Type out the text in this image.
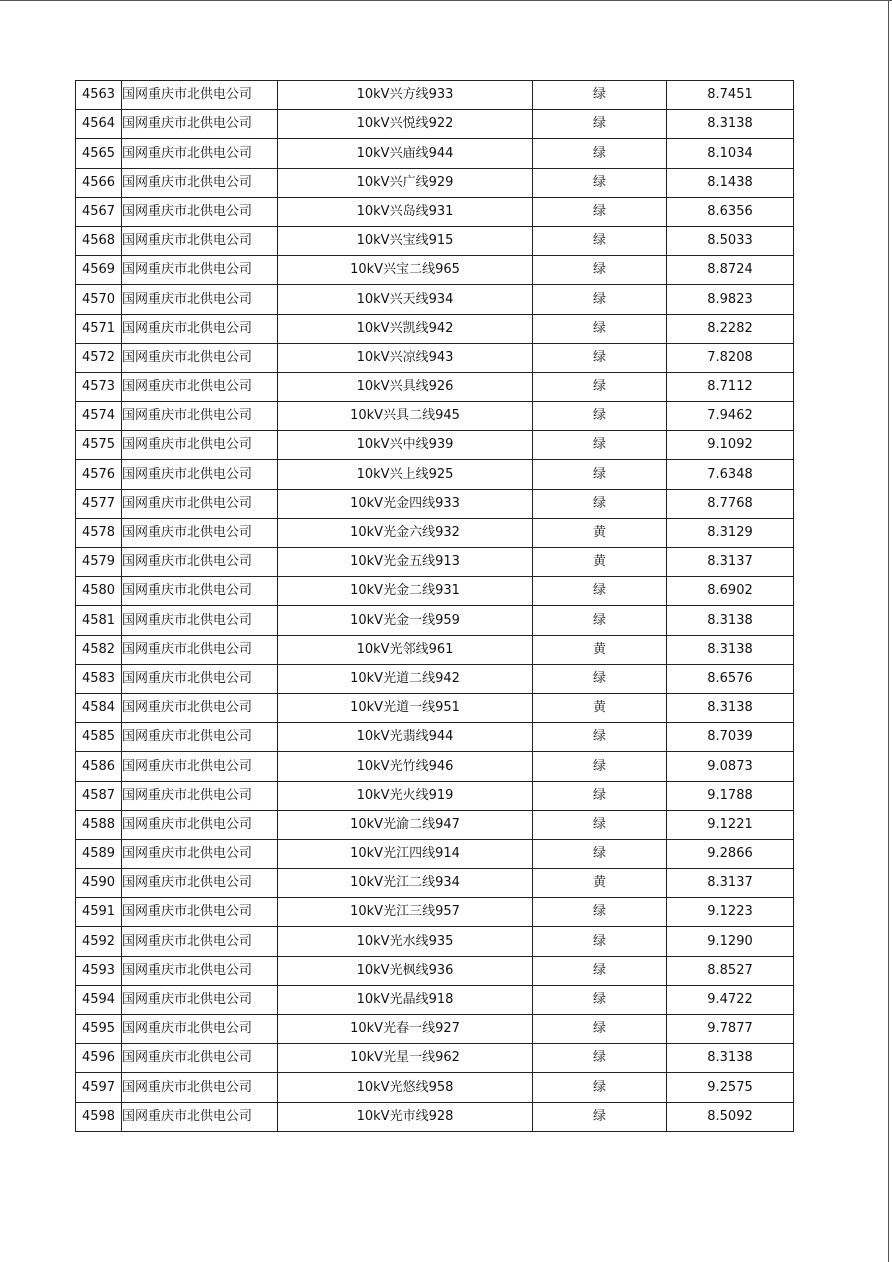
4563	国网重庆市北供电公司	10kV兴方线933	绿	8.7451
4564	国网重庆市北供电公司	10kV兴悦线922	绿	8.3138
4565	国网重庆市北供电公司	10kV兴庙线944	绿	8.1034
4566	国网重庆市北供电公司	10kV兴广线929	绿	8.1438
4567	国网重庆市北供电公司	10kV兴岛线931	绿	8.6356
4568	国网重庆市北供电公司	10kV兴宝线915	绿	8.5033
4569	国网重庆市北供电公司	10kV兴宝二线965	绿	8.8724
4570	国网重庆市北供电公司	10kV兴天线934	绿	8.9823
4571	国网重庆市北供电公司	10kV兴凯线942	绿	8.2282
4572	国网重庆市北供电公司	10kV兴凉线943	绿	7.8208
4573	国网重庆市北供电公司	10kV兴具线926	绿	8.7112
4574	国网重庆市北供电公司	10kV兴具二线945	绿	7.9462
4575	国网重庆市北供电公司	10kV兴中线939	绿	9.1092
4576	国网重庆市北供电公司	10kV兴上线925	绿	7.6348
4577	国网重庆市北供电公司	10kV光金四线933	绿	8.7768
4578	国网重庆市北供电公司	10kV光金六线932	黄	8.3129
4579	国网重庆市北供电公司	10kV光金五线913	黄	8.3137
4580	国网重庆市北供电公司	10kV光金二线931	绿	8.6902
4581	国网重庆市北供电公司	10kV光金一线959	绿	8.3138
4582	国网重庆市北供电公司	10kV光邻线961	黄	8.3138
4583	国网重庆市北供电公司	10kV光道二线942	绿	8.6576
4584	国网重庆市北供电公司	10kV光道一线951	黄	8.3138
4585	国网重庆市北供电公司	10kV光翡线944	绿	8.7039
4586	国网重庆市北供电公司	10kV光竹线946	绿	9.0873
4587	国网重庆市北供电公司	10kV光火线919	绿	9.1788
4588	国网重庆市北供电公司	10kV光渝二线947	绿	9.1221
4589	国网重庆市北供电公司	10kV光江四线914	绿	9.2866
4590	国网重庆市北供电公司	10kV光江二线934	黄	8.3137
4591	国网重庆市北供电公司	10kV光江三线957	绿	9.1223
4592	国网重庆市北供电公司	10kV光水线935	绿	9.1290
4593	国网重庆市北供电公司	10kV光枫线936	绿	8.8527
4594	国网重庆市北供电公司	10kV光晶线918	绿	9.4722
4595	国网重庆市北供电公司	10kV光春一线927	绿	9.7877
4596	国网重庆市北供电公司	10kV光星一线962	绿	8.3138
4597	国网重庆市北供电公司	10kV光悠线958	绿	9.2575
4598	国网重庆市北供电公司	10kV光市线928	绿	8.5092
